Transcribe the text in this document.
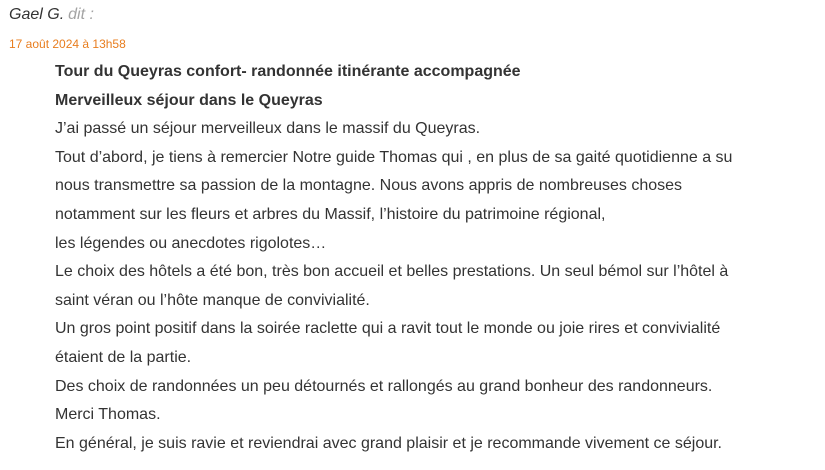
Gael G. dit :
17 août 2024 à 13h58

Tour du Queyras confort- randonnée itinérante accompagnée

Merveilleux séjour dans le Queyras

J’ai passé un séjour merveilleux dans le massif du Queyras.

Tout d’abord, je tiens à remercier Notre guide Thomas qui , en plus de sa gaité quotidienne a su

nous transmettre sa passion de la montagne. Nous avons appris de nombreuses choses

notamment sur les fleurs et arbres du Massif, l’histoire du patrimoine régional,

les légendes ou anecdotes rigolotes…

Le choix des hôtels a été bon, très bon accueil et belles prestations. Un seul bémol sur l’hôtel à

saint véran ou l’hôte manque de convivialité.

Un gros point positif dans la soirée raclette qui a ravit tout le monde ou joie rires et convivialité

étaient de la partie.

Des choix de randonnées un peu détournés et rallongés au grand bonheur des randonneurs.

Merci Thomas.

En général, je suis ravie et reviendrai avec grand plaisir et je recommande vivement ce séjour.
